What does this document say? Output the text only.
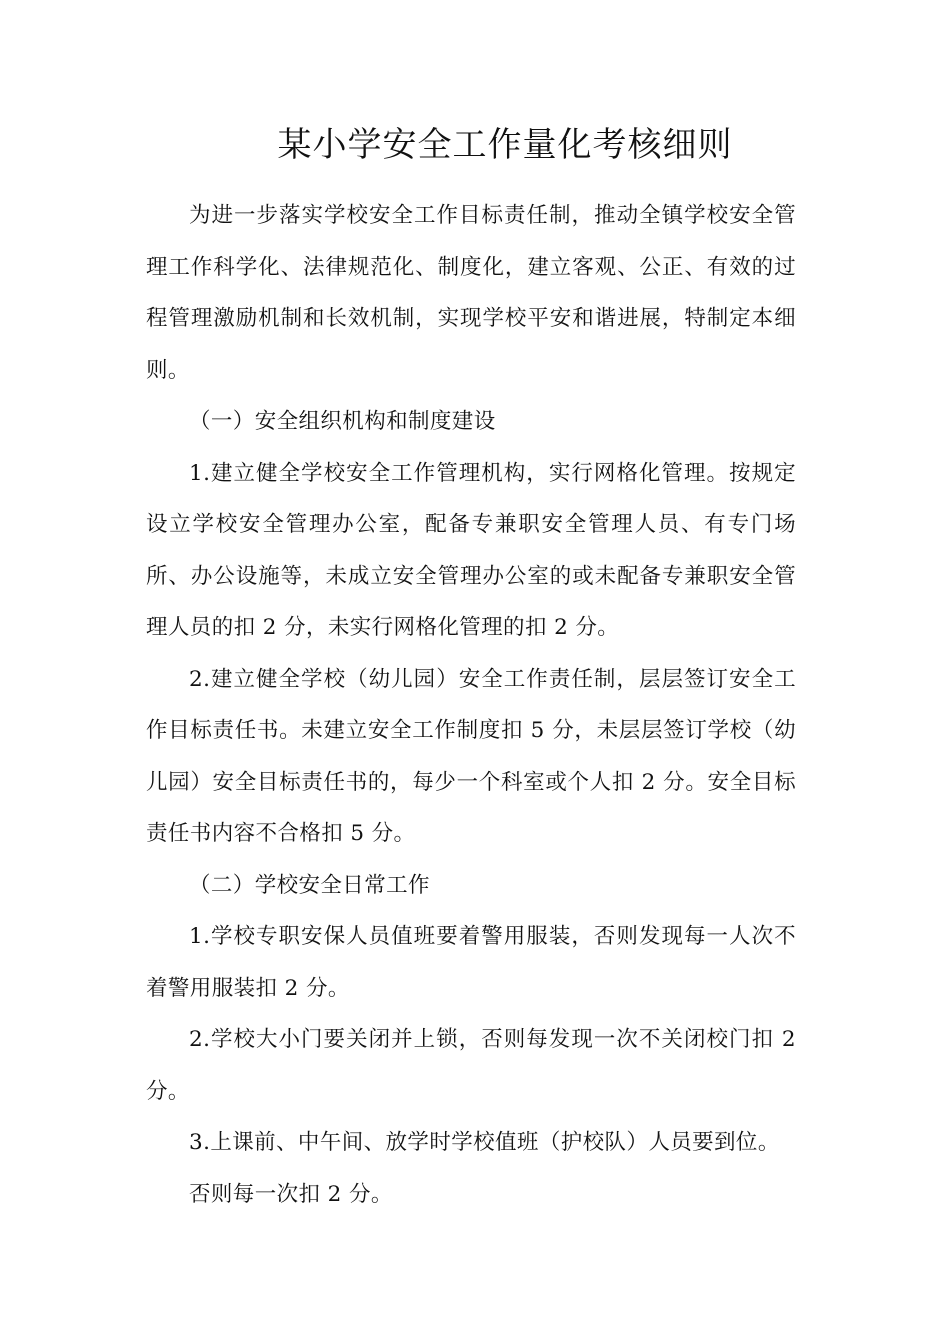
某小学安全工作量化考核细则

为进一步落实学校安全工作目标责任制，推动全镇学校安全管理工作科学化、法律规范化、制度化，建立客观、公正、有效的过程管理激励机制和长效机制，实现学校平安和谐进展，特制定本细则。

（一）安全组织机构和制度建设

1.建立健全学校安全工作管理机构，实行网格化管理。按规定设立学校安全管理办公室，配备专兼职安全管理人员、有专门场所、办公设施等，未成立安全管理办公室的或未配备专兼职安全管理人员的扣 2 分，未实行网格化管理的扣 2 分。

2.建立健全学校（幼儿园）安全工作责任制，层层签订安全工作目标责任书。未建立安全工作制度扣 5 分，未层层签订学校（幼儿园）安全目标责任书的，每少一个科室或个人扣 2 分。安全目标责任书内容不合格扣 5 分。

（二）学校安全日常工作

1.学校专职安保人员值班要着警用服装，否则发现每一人次不着警用服装扣 2 分。

2.学校大小门要关闭并上锁，否则每发现一次不关闭校门扣 2 分。

3.上课前、中午间、放学时学校值班（护校队）人员要到位。

否则每一次扣 2 分。
